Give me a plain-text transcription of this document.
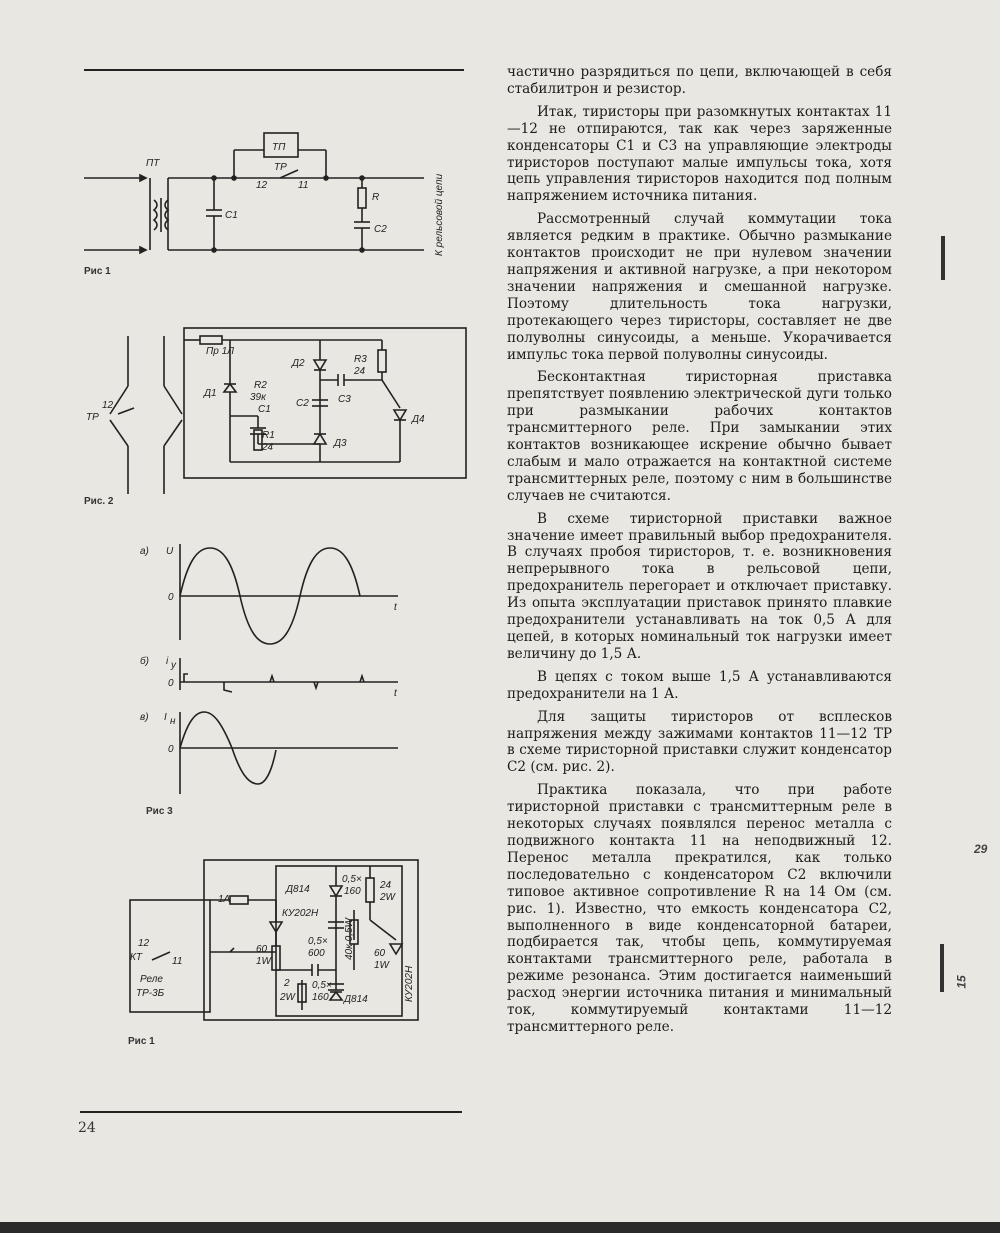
ПТ
ТП
ТР
12	11
C1
R
C2	К рельсовой цепи
Рис 1
Пр 1Л
12
ТР
Д1
Д2
Д3
Д4
R2
39к
C1
R1
24
R3
24
C2	C3
Рис. 2
а) U
0
t
б) i у
0
t
в) I н
0
Рис 3
12
КТ	11
Реле
ТР-3Б
1А
Д814
0,5×
160
24
2W
КУ202Н
60
1W
0,5×
600 40к 0,5W 60
1W
2
2W
0,5×
160 Д814	КУ202Н
Рис 1
24

частично разрядиться по цепи, включающей в себя стабилитрон и резистор.

Итак, тиристоры при разомкнутых контактах 11—12 не отпираются, так как через заряженные конденсаторы С1 и С3 на управляющие электроды тиристоров поступают малые импульсы тока, хотя цепь управления тиристоров находится под полным напряжением источника питания.

Рассмотренный случай коммутации тока является редким в практике. Обычно размыкание контактов происходит не при нулевом значении напряжения и активной нагрузке, а при некотором значении напряжения и смешанной нагрузке. Поэтому длительность тока нагрузки, протекающего через тиристоры, составляет не две полуволны синусоиды, а меньше. Укорачивается импульс тока первой полуволны синусоиды.

Бесконтактная тиристорная приставка препятствует появлению электрической дуги только при размыкании рабочих контактов трансмиттерного реле. При замыкании этих контактов возникающее искрение обычно бывает слабым и мало отражается на контактной системе трансмиттерных реле, поэтому с ним в большинстве случаев не считаются.

В схеме тиристорной приставки важное значение имеет правильный выбор предохранителя. В случаях пробоя тиристоров, т. е. возникновения непрерывного тока в рельсовой цепи, предохранитель перегорает и отключает приставку. Из опыта эксплуатации приставок принято плавкие предохранители устанавливать на ток 0,5 А для цепей, в которых номинальный ток нагрузки имеет величину до 1,5 А.

В цепях с током выше 1,5 А устанавливаются предохранители на 1 А.

Для защиты тиристоров от всплесков напряжения между зажимами контактов 11—12 ТР в схеме тиристорной приставки служит конденсатор С2 (см. рис. 2).

Практика показала, что при работе тиристорной приставки с трансмиттерным реле в некоторых случаях появлялся перенос металла с подвижного контакта 11 на неподвижный 12. Перенос металла прекратился, как только последовательно с конденсатором С2 включили типовое активное сопротивление R на 14 Ом (см. рис. 1). Известно, что емкость конденсатора С2, выполненного в виде конденсаторной батареи, подбирается так, чтобы цепь, коммутируемая контактами трансмиттерного реле, работала в режиме резонанса. Этим достигается наименьший расход энергии источника питания и минимальный ток, коммутируемый контактами 11—12 трансмиттерного реле.

29
15
